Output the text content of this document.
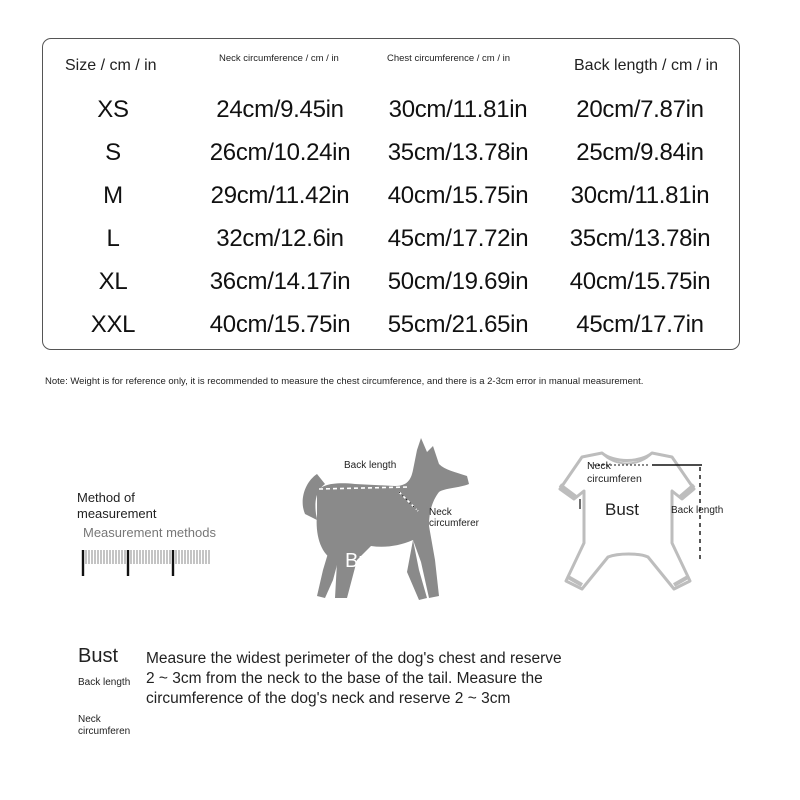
Size / cm / in	Neck circumference / cm / in	Chest circumference / cm / in	Back length / cm / in
XS	24cm/9.45in 30cm/11.81in 20cm/7.87in
S	26cm/10.24in 35cm/13.78in 25cm/9.84in
M	29cm/11.42in 40cm/15.75in 30cm/11.81in
L	32cm/12.6in 45cm/17.72in 35cm/13.78in
XL	36cm/14.17in 50cm/19.69in 40cm/15.75in
XXL	40cm/15.75in 55cm/21.65in 45cm/17.7in
Note: Weight is for reference only, it is recommended to measure the chest circumference, and there is a 2-3cm error in manual measurement.
Method of
measurement
Measurement methods
Back length
Neck
circumferer
Bust
Neck
circumferen
Bust	Back length
Bust
Back length
Neck
circumferen
Measure the widest perimeter of the dog's chest and reserve
2 ~ 3cm from the neck to the base of the tail. Measure the
circumference of the dog's neck and reserve 2 ~ 3cm
